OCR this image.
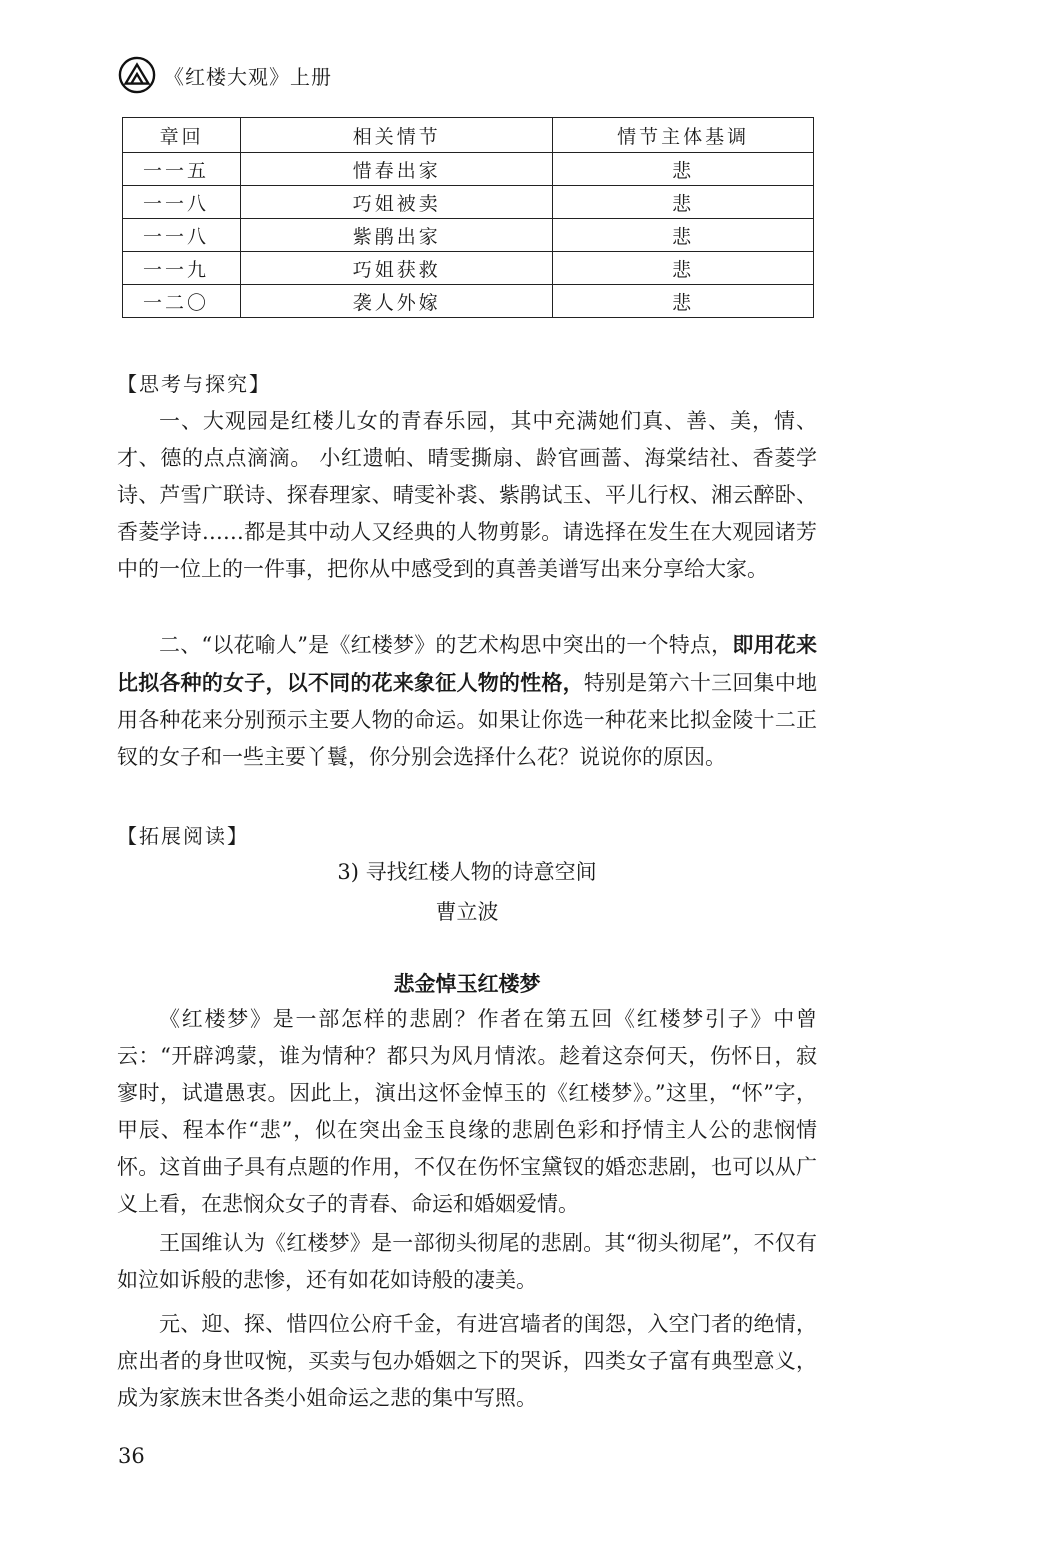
《红楼大观》上册
章回	相关情节	情节主体基调
一一五	惜春出家	悲
一一八	巧姐被卖	悲
一一八	紫鹃出家	悲
一一九	巧姐获救	悲
一二〇	袭人外嫁	悲
【思考与探究】

一、大观园是红楼儿女的青春乐园，其中充满她们真、善、美，情、才、德的点点滴滴。 小红遗帕、晴雯撕扇、龄官画蔷、海棠结社、香菱学诗、芦雪广联诗、探春理家、晴雯补裘、紫鹃试玉、平儿行权、湘云醉卧、香菱学诗……都是其中动人又经典的人物剪影。请选择在发生在大观园诸芳中的一位上的一件事，把你从中感受到的真善美谱写出来分享给大家。

二、“以花喻人”是《红楼梦》的艺术构思中突出的一个特点，即用花来比拟各种的女子，以不同的花来象征人物的性格，特别是第六十三回集中地用各种花来分别预示主要人物的命运。如果让你选一种花来比拟金陵十二正钗的女子和一些主要丫鬟，你分别会选择什么花？说说你的原因。

【拓展阅读】
3) 寻找红楼人物的诗意空间
曹立波
悲金悼玉红楼梦

《红楼梦》是一部怎样的悲剧？作者在第五回《红楼梦引子》中曾云：“开辟鸿蒙，谁为情种？都只为风月情浓。趁着这奈何天，伤怀日，寂寥时，试遣愚衷。因此上，演出这怀金悼玉的《红楼梦》。”这里，“怀”字，甲辰、程本作“悲”，似在突出金玉良缘的悲剧色彩和抒情主人公的悲悯情怀。这首曲子具有点题的作用，不仅在伤怀宝黛钗的婚恋悲剧，也可以从广义上看，在悲悯众女子的青春、命运和婚姻爱情。

王国维认为《红楼梦》是一部彻头彻尾的悲剧。其“彻头彻尾”，不仅有如泣如诉般的悲惨，还有如花如诗般的凄美。

元、迎、探、惜四位公府千金，有进宫墙者的闺怨，入空门者的绝情，庶出者的身世叹惋，买卖与包办婚姻之下的哭诉，四类女子富有典型意义，成为家族末世各类小姐命运之悲的集中写照。

36
